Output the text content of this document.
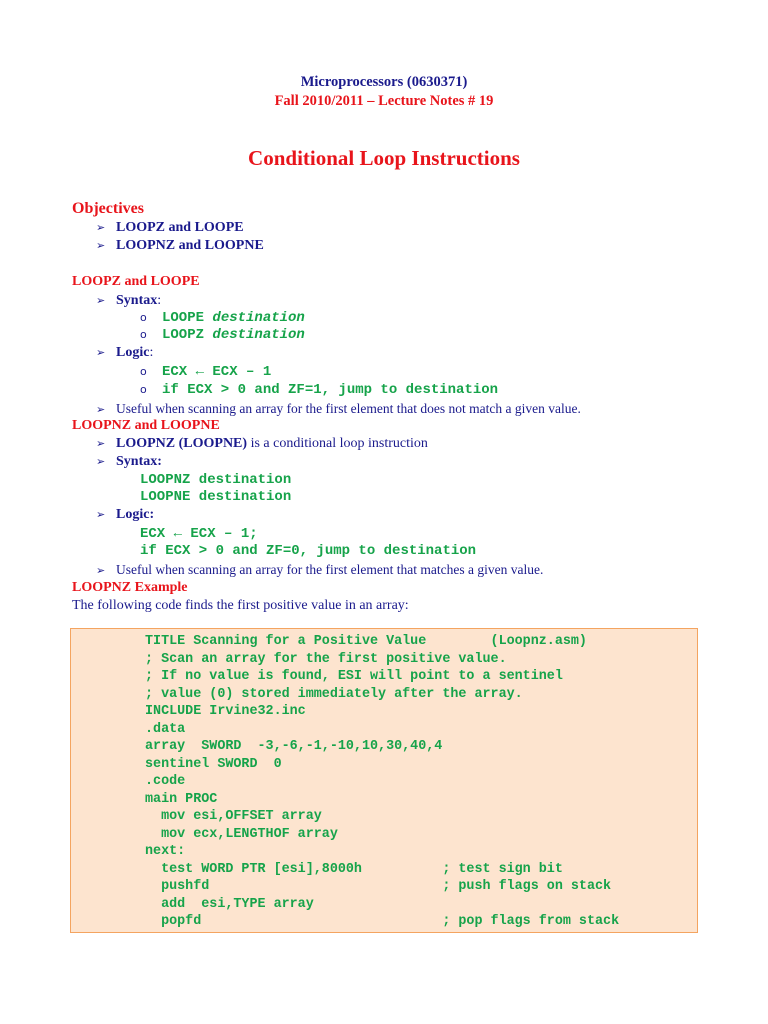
Microprocessors (0630371)
Fall 2010/2011 – Lecture Notes # 19
Conditional Loop Instructions
Objectives
➢ LOOPZ and LOOPE
➢ LOOPNZ and LOOPNE
LOOPZ and LOOPE
➢ Syntax:
o LOOPE destination
o LOOPZ destination
➢ Logic:
o ECX ← ECX – 1
o if ECX > 0 and ZF=1, jump to destination
➢ Useful when scanning an array for the first element that does not match a given value.
LOOPNZ and LOOPNE
➢ LOOPNZ (LOOPNE) is a conditional loop instruction
➢ Syntax:
LOOPNZ destination
LOOPNE destination
➢ Logic:
ECX ← ECX – 1;
if ECX > 0 and ZF=0, jump to destination
➢ Useful when scanning an array for the first element that matches a given value.
LOOPNZ Example
The following code finds the first positive value in an array:
TITLE Scanning for a Positive Value        (Loopnz.asm)
; Scan an array for the first positive value.
; If no value is found, ESI will point to a sentinel
; value (0) stored immediately after the array.
INCLUDE Irvine32.inc
.data
array  SWORD  -3,-6,-1,-10,10,30,40,4
sentinel SWORD  0
.code
main PROC
mov esi,OFFSET array
mov ecx,LENGTHOF array
next:
test WORD PTR [esi],8000h          ; test sign bit
pushfd                             ; push flags on stack
add  esi,TYPE array
popfd                              ; pop flags from stack
